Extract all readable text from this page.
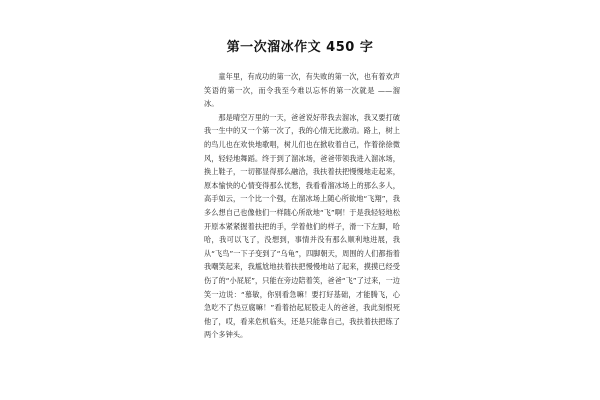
第一次溜冰作文 450 字

童年里，有成功的第一次，有失败的第一次，也有着欢声笑语的第一次，而令我至今难以忘怀的第一次就是 ——溜冰。

那是晴空万里的一天，爸爸说好带我去溜冰，我又要打破我一生中的又一个第一次了，我的心情无比激动。路上，树上的鸟儿也在欢快地歌唱，树儿们也在掀收着自己，作着徐徐微风，轻轻地舞蹈。终于到了溜冰场，爸爸带领我进入溜冰场，换上鞋子，一切都显得那么融洽，我扶着扶把慢慢地走起来，原本愉快的心情变得那么忧愁，我看看溜冰场上的那么多人，高手如云，一个比一个强，在溜冰场上随心所欲地“飞翔”，我多么想自己也像他们一样随心所欲地“飞”啊！于是我轻轻地松开原本紧紧握着扶把的手，学着他们的样子，滑一下左脚，哈哈，我可以飞了，没想到，事情并没有那么顺利地进展，我从“飞鸟”一下子变到了“乌龟”，四脚朝天，周围的人们都指着我嘲笑起来，我尴尬地扶着扶把慢慢地站了起来，摸摸已经受伤了的“小屁屁”，只能在旁边陪着笑，爸爸“飞”了过来，一边笑一边说：“慕敏，你别看急嘛！要打好基础，才能腾飞，心急吃不了热豆腐嘛！”看着抬起屁股走人的爸爸，我此刻恨死他了，哎，看来危机临头，还是只能靠自己，我扶着扶把练了两个多钟头。
